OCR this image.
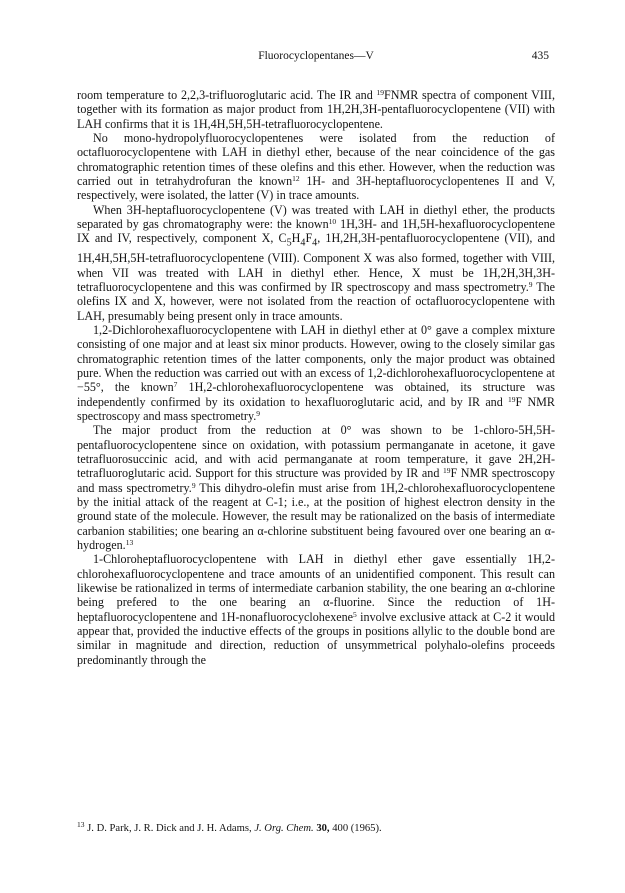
Fluorocyclopentanes—V	435

room temperature to 2,2,3-trifluoroglutaric acid. The IR and $^{19}$FNMR spectra of component VIII, together with its formation as major product from 1H,2H,3H-pentafluorocyclopentene (VII) with LAH confirms that it is 1H,4H,5H,5H-tetrafluorocyclopentene.

No mono-hydropolyfluorocyclopentenes were isolated from the reduction of octafluorocyclopentene with LAH in diethyl ether, because of the near coincidence of the gas chromatographic retention times of these olefins and this ether. However, when the reduction was carried out in tetrahydrofuran the known$^{12}$ 1H- and 3H-heptafluorocyclopentenes II and V, respectively, were isolated, the latter (V) in trace amounts.

When 3H-heptafluorocyclopentene (V) was treated with LAH in diethyl ether, the products separated by gas chromatography were: the known$^{10}$ 1H,3H- and 1H,5H-hexafluorocyclopentene IX and IV, respectively, component X, $C_5H_4F_4$, 1H,2H,3H-pentafluorocyclopentene (VII), and 1H,4H,5H,5H-tetrafluorocyclopentene (VIII). Component X was also formed, together with VIII, when VII was treated with LAH in diethyl ether. Hence, X must be 1H,2H,3H,3H-tetrafluorocyclopentene and this was confirmed by IR spectroscopy and mass spectrometry.$^9$ The olefins IX and X, however, were not isolated from the reaction of octafluorocyclopentene with LAH, presumably being present only in trace amounts.

1,2-Dichlorohexafluorocyclopentene with LAH in diethyl ether at 0° gave a complex mixture consisting of one major and at least six minor products. However, owing to the closely similar gas chromatographic retention times of the latter components, only the major product was obtained pure. When the reduction was carried out with an excess of 1,2-dichlorohexafluorocyclopentene at −55°, the known$^7$ 1H,2-chlorohexafluorocyclopentene was obtained, its structure was independently confirmed by its oxidation to hexafluoroglutaric acid, and by IR and $^{19}$F NMR spectroscopy and mass spectrometry.$^9$

The major product from the reduction at 0° was shown to be 1-chloro-5H,5H-pentafluorocyclopentene since on oxidation, with potassium permanganate in acetone, it gave tetrafluorosuccinic acid, and with acid permanganate at room temperature, it gave 2H,2H-tetrafluoroglutaric acid. Support for this structure was provided by IR and $^{19}$F NMR spectroscopy and mass spectrometry.$^9$ This dihydro-olefin must arise from 1H,2-chlorohexafluorocyclopentene by the initial attack of the reagent at C-1; i.e., at the position of highest electron density in the ground state of the molecule. However, the result may be rationalized on the basis of intermediate carbanion stabilities; one bearing an α-chlorine substituent being favoured over one bearing an α-hydrogen.$^{13}$

1-Chloroheptafluorocyclopentene with LAH in diethyl ether gave essentially 1H,2-chlorohexafluorocyclopentene and trace amounts of an unidentified component. This result can likewise be rationalized in terms of intermediate carbanion stability, the one bearing an α-chlorine being prefered to the one bearing an α-fluorine. Since the reduction of 1H-heptafluorocyclopentene and 1H-nonafluorocyclohexene$^5$ involve exclusive attack at C-2 it would appear that, provided the inductive effects of the groups in positions allylic to the double bond are similar in magnitude and direction, reduction of unsymmetrical polyhalo-olefins proceeds predominantly through the

$^{13}$ J. D. Park, J. R. Dick and J. H. Adams, J. Org. Chem. 30, 400 (1965).
